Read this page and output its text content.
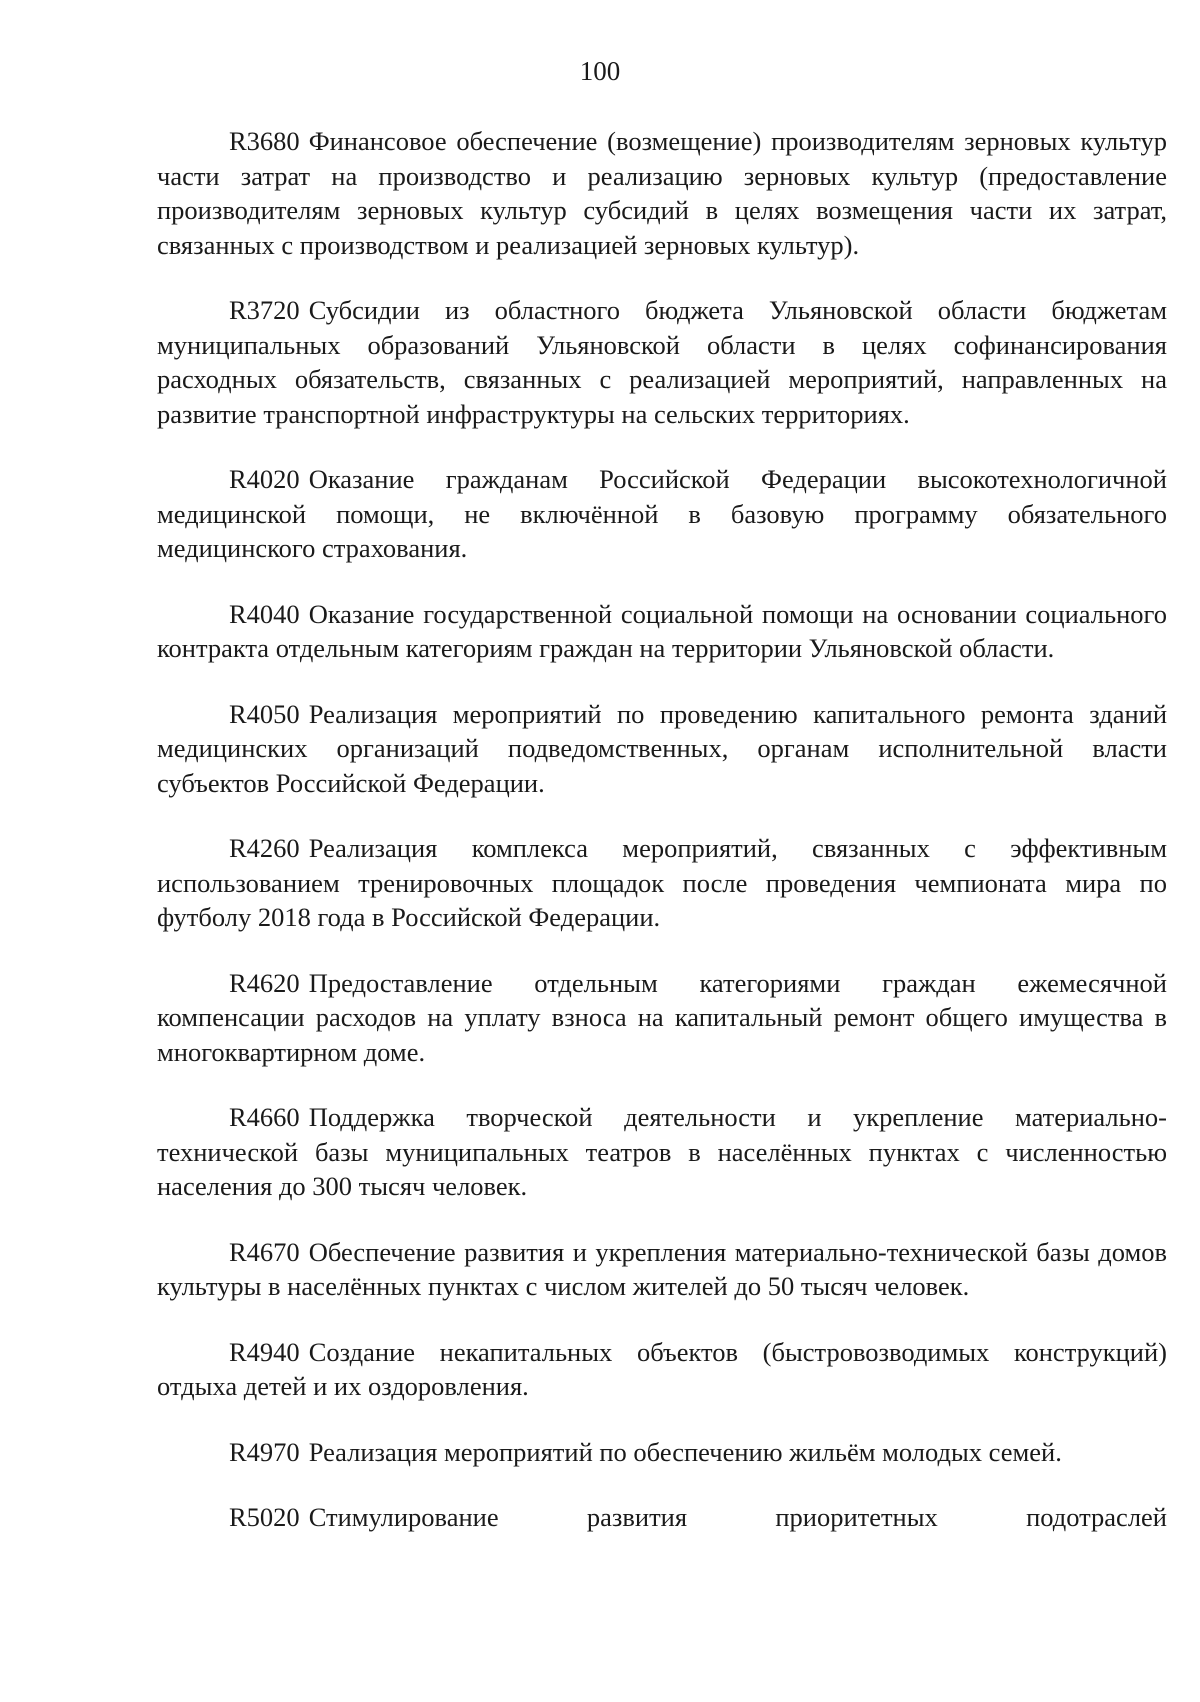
100

R3680 Финансовое обеспечение (возмещение) производителям зерновых культур части затрат на производство и реализацию зерновых культур (предоставление производителям зерновых культур субсидий в целях возмещения части их затрат, связанных с производством и реализацией зерновых культур).

R3720 Субсидии из областного бюджета Ульяновской области бюджетам муниципальных образований Ульяновской области в целях софинансирования расходных обязательств, связанных с реализацией мероприятий, направленных на развитие транспортной инфраструктуры на сельских территориях.

R4020 Оказание гражданам Российской Федерации высокотехнологичной медицинской помощи, не включённой в базовую программу обязательного медицинского страхования.

R4040 Оказание государственной социальной помощи на основании социального контракта отдельным категориям граждан на территории Ульяновской области.

R4050 Реализация мероприятий по проведению капитального ремонта зданий медицинских организаций подведомственных, органам исполнительной власти субъектов Российской Федерации.

R4260 Реализация комплекса мероприятий, связанных с эффективным использованием тренировочных площадок после проведения чемпионата мира по футболу 2018 года в Российской Федерации.

R4620 Предоставление отдельным категориями граждан ежемесячной компенсации расходов на уплату взноса на капитальный ремонт общего имущества в многоквартирном доме.

R4660 Поддержка творческой деятельности и укрепление материально-технической базы муниципальных театров в населённых пунктах с численностью населения до 300 тысяч человек.

R4670 Обеспечение развития и укрепления материально-технической базы домов культуры в населённых пунктах с числом жителей до 50 тысяч человек.

R4940 Создание некапитальных объектов (быстровозводимых конструкций) отдыха детей и их оздоровления.

R4970 Реализация мероприятий по обеспечению жильём молодых семей.

R5020 Стимулирование развития приоритетных подотраслей
